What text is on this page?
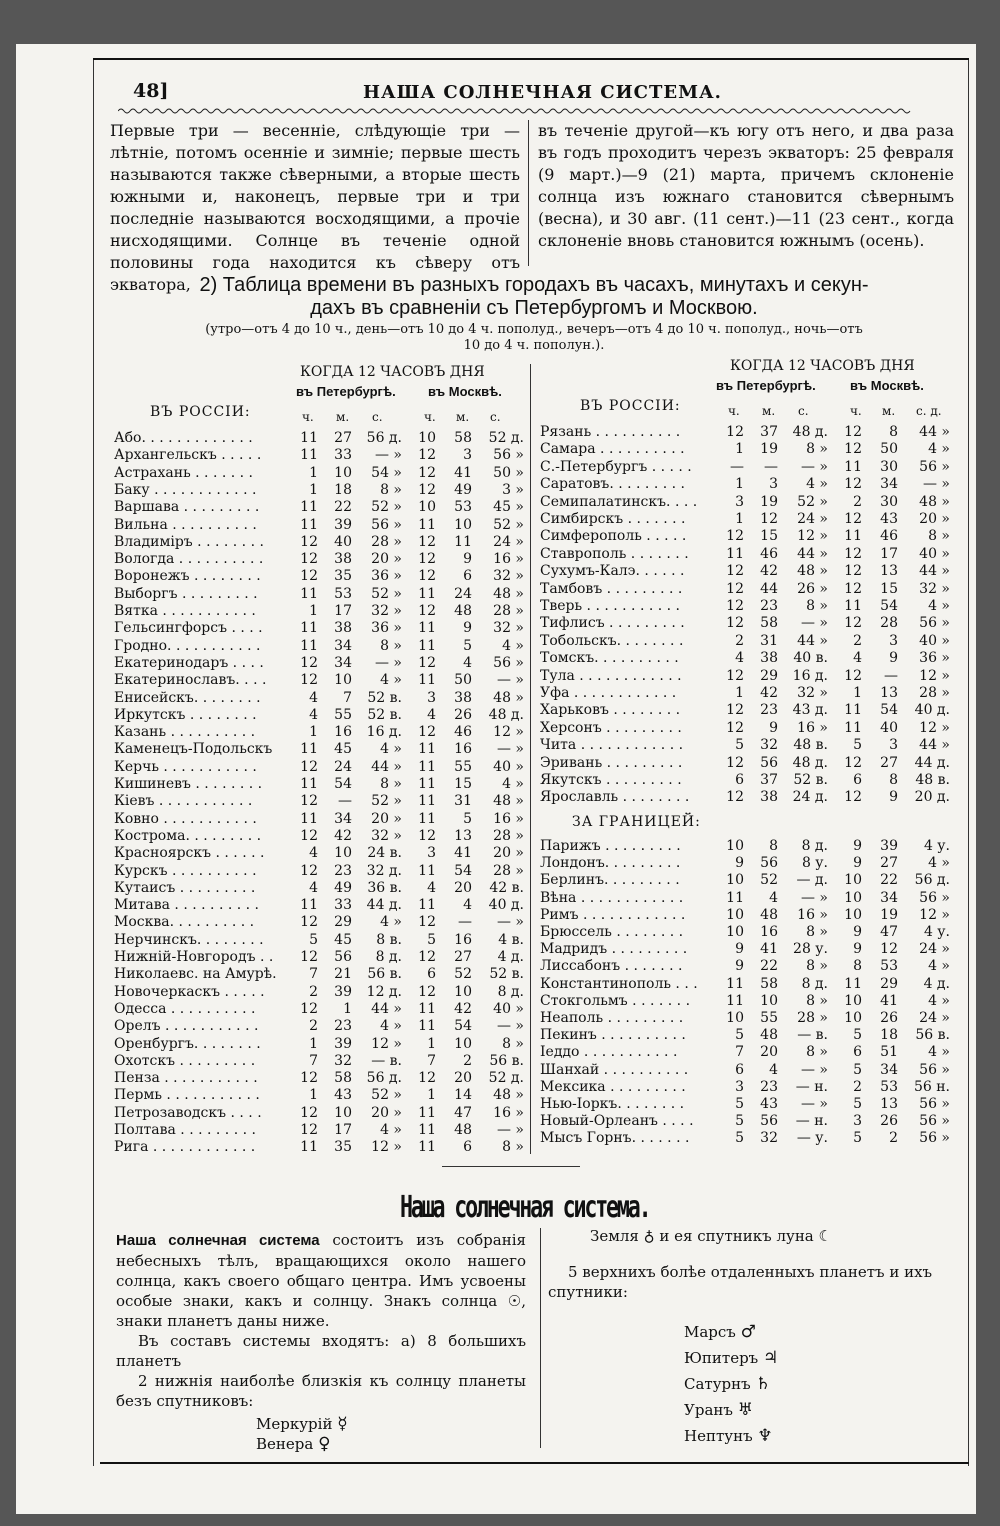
48]	НАША СОЛНЕЧНАЯ СИСТЕМА.

Первые три — весеннiе, слѣдующiе три — лѣтнiе, потомъ осеннiе и зимнiе; первые шесть называются также сѣверными, а вторые шесть южными и, наконецъ, первые три и три последнiе называются восходящими, а прочiе нисходящими. Солнце въ теченiе одной половины года находится къ сѣверу отъ экватора,

въ теченiе другой—къ югу отъ него, и два раза въ годъ проходитъ черезъ экваторъ: 25 февраля (9 март.)—9 (21) марта, причемъ склоненiе солнца изъ южнаго становится сѣвернымъ (весна), и 30 авг. (11 сент.)—11 (23 сент., когда склоненiе вновь становится южнымъ (осень).

2) Таблица времени въ разныхъ городахъ въ часахъ, минутахъ и секун-
дахъ въ сравненiи съ Петербургомъ и Москвою.
(утро—отъ 4 до 10 ч., день—отъ 10 до 4 ч. пополуд., вечеръ—отъ 4 до 10 ч. пополуд., ночь—отъ
10 до 4 ч. пополун.).
КОГДА 12 ЧАСОВЪ ДНЯ
въ Петербургѣ. въ Москвѣ.
ВЪ РОССIИ:	ч. м. с.	ч. м. с.
КОГДА 12 ЧАСОВЪ ДНЯ
въ Петербургѣ.	въ Москвѣ.
ВЪ РОССIИ:	ч. м. с.	ч. м. с. д.
Або. . . . . . . . . . . . .	11	27	56 д.	10	58	52 д.
Архангельскъ . . . . .	11	33	— »	12	3	56 »
Астрахань . . . . . . .	1	10	54 »	12	41	50 »
Баку . . . . . . . . . . . .	1	18	8 »	12	49	3 »
Варшава . . . . . . . . .	11	22	52 »	10	53	45 »
Вильна . . . . . . . . . .	11	39	56 »	11	10	52 »
Владимiръ . . . . . . . .	12	40	28 »	12	11	24 »
Вологда . . . . . . . . . .	12	38	20 »	12	9	16 »
Воронежъ . . . . . . . .	12	35	36 »	12	6	32 »
Выборгъ . . . . . . . . .	11	53	52 »	11	24	48 »
Вятка . . . . . . . . . . .	1	17	32 »	12	48	28 »
Гельсингфорсъ . . . .	11	38	36 »	11	9	32 »
Гродно. . . . . . . . . . .	11	34	8 »	11	5	4 »
Екатеринодаръ . . . .	12	34	— »	12	4	56 »
Екатеринославъ. . . .	12	10	4 »	11	50	— »
Енисейскъ. . . . . . . .	4	7	52 в.	3	38	48 »
Иркутскъ . . . . . . . .	4	55	52 в.	4	26	48 д.
Казань . . . . . . . . . .	1	16	16 д.	12	46	12 »
Каменецъ-Подольскъ	11	45	4 »	11	16	— »
Керчь . . . . . . . . . . .	12	24	44 »	11	55	40 »
Кишиневъ . . . . . . . .	11	54	8 »	11	15	4 »
Кiевъ . . . . . . . . . . .	12	—	52 »	11	31	48 »
Ковно . . . . . . . . . . .	11	34	20 »	11	5	16 »
Кострома. . . . . . . . .	12	42	32 »	12	13	28 »
Красноярскъ . . . . . .	4	10	24 в.	3	41	20 »
Курскъ . . . . . . . . . .	12	23	32 д.	11	54	28 »
Кутаисъ . . . . . . . . .	4	49	36 в.	4	20	42 в.
Митава . . . . . . . . . .	11	33	44 д.	11	4	40 д.
Москва. . . . . . . . . .	12	29	4 »	12	—	— »
Нерчинскъ. . . . . . . .	5	45	8 в.	5	16	4 в.
Нижнiй-Новгородъ . .	12	56	8 д.	12	27	4 д.
Николаевс. на Амурѣ.	7	21	56 в.	6	52	52 в.
Новочеркаскъ . . . . .	2	39	12 д.	12	10	8 д.
Одесса . . . . . . . . . .	12	1	44 »	11	42	40 »
Орелъ . . . . . . . . . . .	2	23	4 »	11	54	— »
Оренбургъ. . . . . . . .	1	39	12 »	1	10	8 »
Охотскъ . . . . . . . . .	7	32	— в.	7	2	56 в.
Пенза . . . . . . . . . . .	12	58	56 д.	12	20	52 д.
Пермь . . . . . . . . . . .	1	43	52 »	1	14	48 »
Петрозаводскъ . . . .	12	10	20 »	11	47	16 »
Полтава . . . . . . . . .	12	17	4 »	11	48	— »
Рига . . . . . . . . . . . .	11	35	12 »	11	6	8 »
Рязань . . . . . . . . . .	12	37	48 д.	12	8	44 »
Самара . . . . . . . . . .	1	19	8 »	12	50	4 »
С.-Петербургъ . . . . .	—	—	— »	11	30	56 »
Саратовъ. . . . . . . . .	1	3	4 »	12	34	— »
Семипалатинскъ. . . .	3	19	52 »	2	30	48 »
Симбирскъ . . . . . . .	1	12	24 »	12	43	20 »
Симферополь . . . . .	12	15	12 »	11	46	8 »
Ставрополь . . . . . . .	11	46	44 »	12	17	40 »
Сухумъ-Калэ. . . . . .	12	42	48 »	12	13	44 »
Тамбовъ . . . . . . . . .	12	44	26 »	12	15	32 »
Тверь . . . . . . . . . . .	12	23	8 »	11	54	4 »
Тифлисъ . . . . . . . . .	12	58	— »	12	28	56 »
Тобольскъ. . . . . . . .	2	31	44 »	2	3	40 »
Томскъ. . . . . . . . . .	4	38	40 в.	4	9	36 »
Тула . . . . . . . . . . . .	12	29	16 д.	12	—	12 »
Уфа . . . . . . . . . . . .	1	42	32 »	1	13	28 »
Харьковъ . . . . . . . .	12	23	43 д.	11	54	40 д.
Херсонъ . . . . . . . . .	12	9	16 »	11	40	12 »
Чита . . . . . . . . . . . .	5	32	48 в.	5	3	44 »
Эривань . . . . . . . . .	12	56	48 д.	12	27	44 д.
Якутскъ . . . . . . . . .	6	37	52 в.	6	8	48 в.
Ярославль . . . . . . . .	12	38	24 д.	12	9	20 д.
ЗА ГРАНИЦЕЙ:
Парижъ . . . . . . . . .	10	8	8 д.	9	39	4 у.
Лондонъ. . . . . . . . .	9	56	8 у.	9	27	4 »
Берлинъ. . . . . . . . .	10	52	— д.	10	22	56 д.
Вѣна . . . . . . . . . . . .	11	4	— »	10	34	56 »
Римъ . . . . . . . . . . . .	10	48	16 »	10	19	12 »
Брюссель . . . . . . . .	10	16	8 »	9	47	4 у.
Мадридъ . . . . . . . . .	9	41	28 у.	9	12	24 »
Лиссабонъ . . . . . . .	9	22	8 »	8	53	4 »
Константинополь . . .	11	58	8 д.	11	29	4 д.
Стокгольмъ . . . . . . .	11	10	8 »	10	41	4 »
Неаполь . . . . . . . . .	10	55	28 »	10	26	24 »
Пекинъ . . . . . . . . . .	5	48	— в.	5	18	56 в.
Iеддо . . . . . . . . . . .	7	20	8 »	6	51	4 »
Шанхай . . . . . . . . . .	6	4	— »	5	34	56 »
Мексика . . . . . . . . .	3	23	— н.	2	53	56 н.
Нью-Iоркъ. . . . . . . .	5	43	— »	5	13	56 »
Новый-Орлеанъ . . . .	5	56	— н.	3	26	56 »
Мысъ Горнъ. . . . . . .	5	32	— у.	5	2	56 »
Наша солнечная система.
Наша солнечная система состоитъ изъ собранiя небесныхъ тѣлъ, вращающихся около нашего солнца, какъ своего общаго центра. Имъ усвоены особые знаки, какъ и солнцу. Знакъ солнца ☉, знаки планетъ даны ниже.
Въ составъ системы входятъ: а) 8 большихъ планетъ
2 нижнiя наиболѣе близкiя къ солнцу планеты безъ спутниковъ:
Меркурiй ☿
Венера ♀
Земля ♁ и ея спутникъ луна ☾
5 верхнихъ болѣе отдаленныхъ планетъ и ихъ спутники:
Марсъ ♂
Юпитеръ ♃
Сатурнъ ♄
Уранъ ♅
Нептунъ ♆
